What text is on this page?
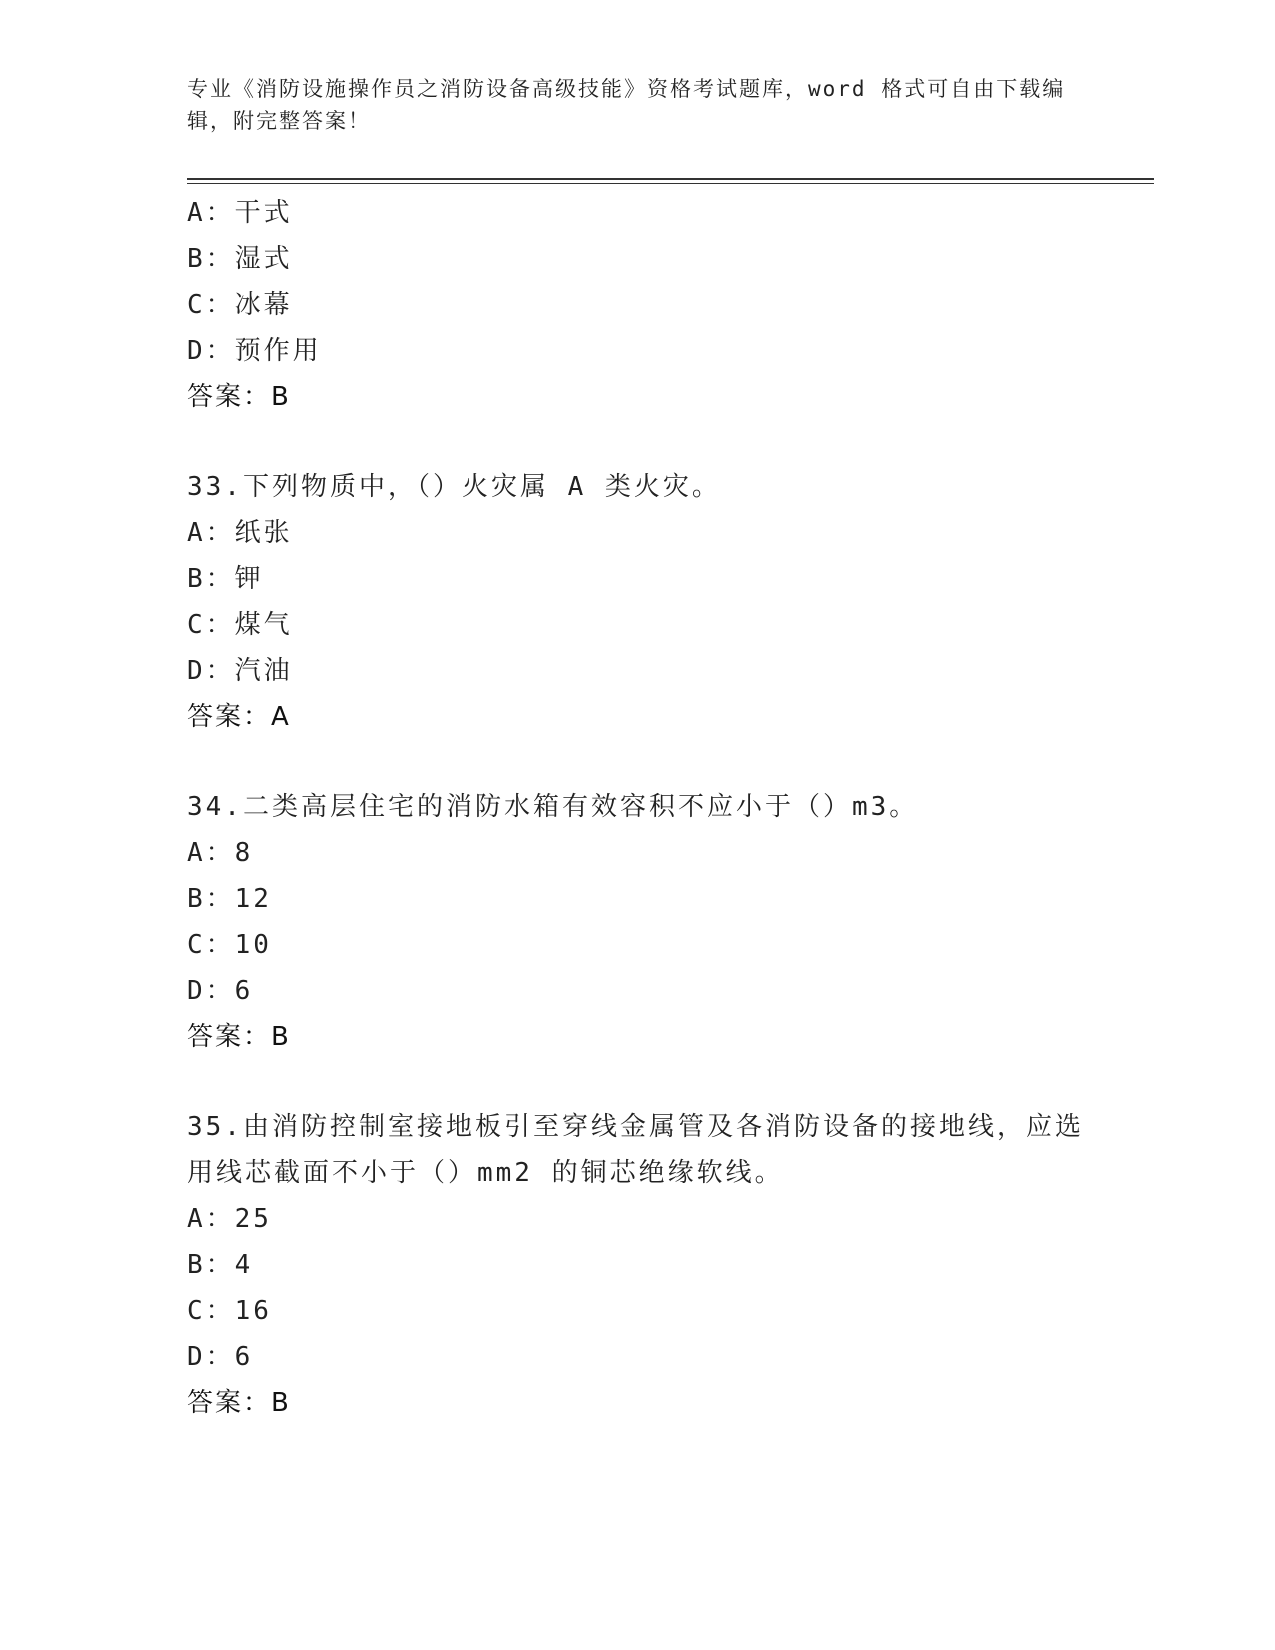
专业《消防设施操作员之消防设备高级技能》资格考试题库，word 格式可自由下载编辑，附完整答案！
A：干式
B：湿式
C：冰幕
D：预作用
答案：B
33.下列物质中，（）火灾属 A 类火灾。
A：纸张
B：钾
C：煤气
D：汽油
答案：A
34.二类高层住宅的消防水箱有效容积不应小于（）m3。
A：8
B：12
C：10
D：6
答案：B
35.由消防控制室接地板引至穿线金属管及各消防设备的接地线，应选用线芯截面不小于（）mm2 的铜芯绝缘软线。
A：25
B：4
C：16
D：6
答案：B
